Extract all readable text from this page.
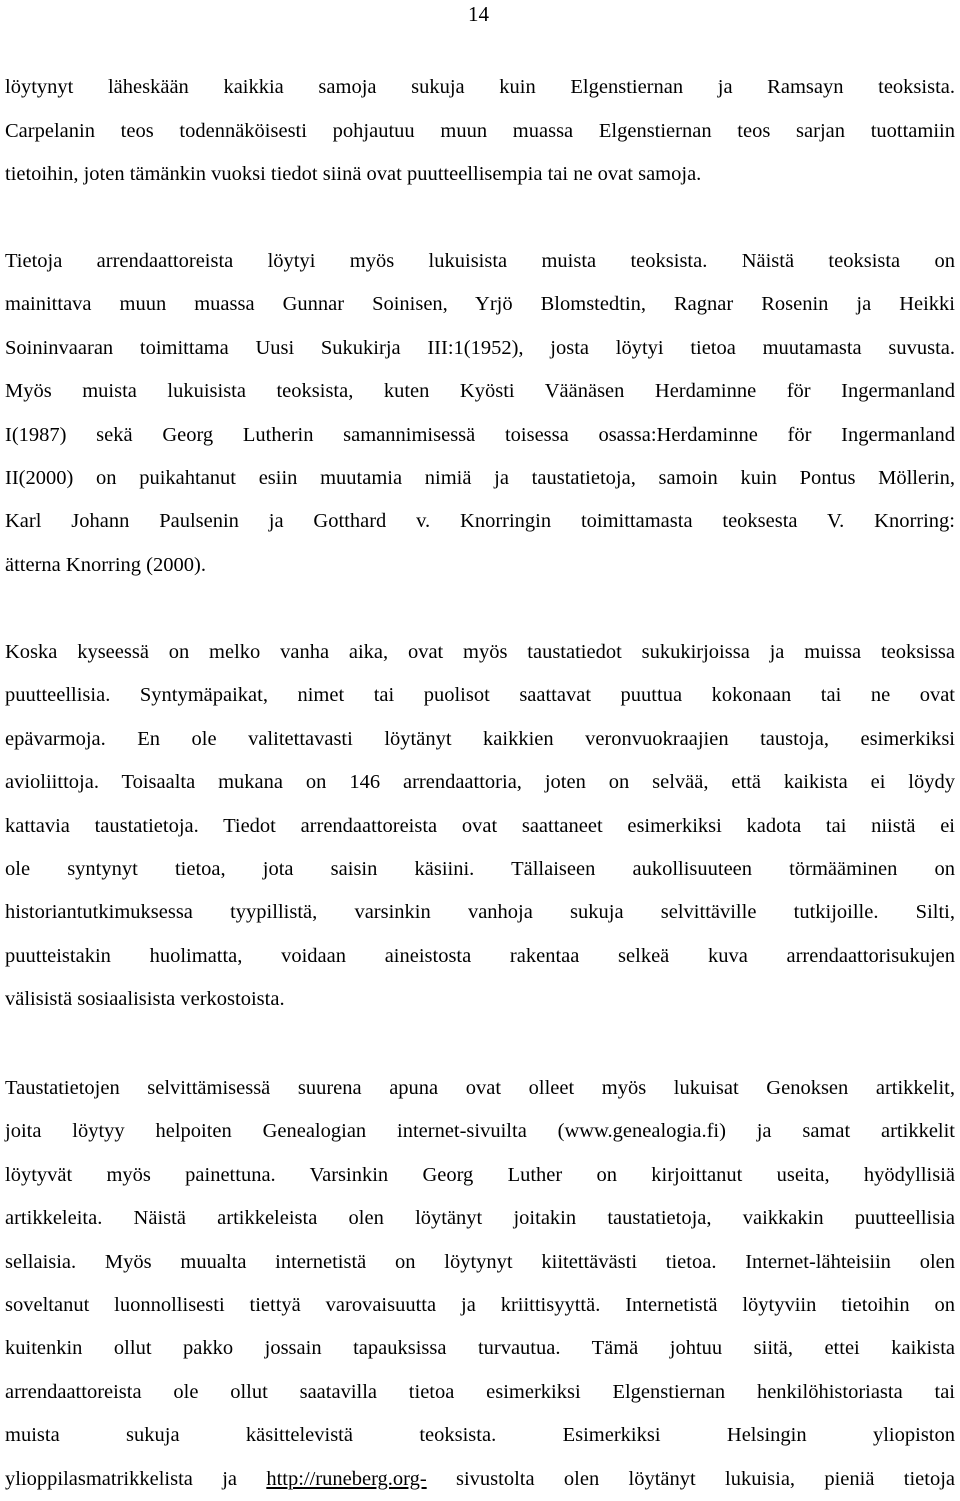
14

löytynyt läheskään kaikkia samoja sukuja kuin Elgenstiernan ja Ramsayn teoksista.
Carpelanin teos todennäköisesti pohjautuu muun muassa Elgenstiernan teos sarjan tuottamiin
tietoihin, joten tämänkin vuoksi tiedot siinä ovat puutteellisempia tai ne ovat samoja.

Tietoja arrendaattoreista löytyi myös lukuisista muista teoksista. Näistä teoksista on
mainittava muun muassa Gunnar Soinisen, Yrjö Blomstedtin, Ragnar Rosenin ja Heikki
Soininvaaran toimittama Uusi Sukukirja III:1(1952), josta löytyi tietoa muutamasta suvusta.
Myös muista lukuisista teoksista, kuten Kyösti Väänäsen Herdaminne för Ingermanland
I(1987) sekä Georg Lutherin samannimisessä toisessa osassa:Herdaminne för Ingermanland
II(2000) on puikahtanut esiin muutamia nimiä ja taustatietoja, samoin kuin Pontus Möllerin,
Karl Johann Paulsenin ja Gotthard v. Knorringin toimittamasta teoksesta V. Knorring:
ätterna Knorring (2000).

Koska kyseessä on melko vanha aika, ovat myös taustatiedot sukukirjoissa ja muissa teoksissa
puutteellisia. Syntymäpaikat, nimet tai puolisot saattavat puuttua kokonaan tai ne ovat
epävarmoja. En ole valitettavasti löytänyt kaikkien veronvuokraajien taustoja, esimerkiksi
avioliittoja. Toisaalta mukana on 146 arrendaattoria, joten on selvää, että kaikista ei löydy
kattavia taustatietoja. Tiedot arrendaattoreista ovat saattaneet esimerkiksi kadota tai niistä ei
ole syntynyt tietoa, jota saisin käsiini. Tällaiseen aukollisuuteen törmääminen on
historiantutkimuksessa tyypillistä, varsinkin vanhoja sukuja selvittäville tutkijoille. Silti,
puutteistakin huolimatta, voidaan aineistosta rakentaa selkeä kuva arrendaattorisukujen
välisistä sosiaalisista verkostoista.

Taustatietojen selvittämisessä suurena apuna ovat olleet myös lukuisat Genoksen artikkelit,
joita löytyy helpoiten Genealogian internet-sivuilta (www.genealogia.fi) ja samat artikkelit
löytyvät myös painettuna. Varsinkin Georg Luther on kirjoittanut useita, hyödyllisiä
artikkeleita. Näistä artikkeleista olen löytänyt joitakin taustatietoja, vaikkakin puutteellisia
sellaisia. Myös muualta internetistä on löytynyt kiitettävästi tietoa. Internet-lähteisiin olen
soveltanut luonnollisesti tiettyä varovaisuutta ja kriittisyyttä. Internetistä löytyviin tietoihin on
kuitenkin ollut pakko jossain tapauksissa turvautua. Tämä johtuu siitä, ettei kaikista
arrendaattoreista ole ollut saatavilla tietoa esimerkiksi Elgenstiernan henkilöhistoriasta tai
muista sukuja käsittelevistä teoksista. Esimerkiksi Helsingin yliopiston
ylioppilasmatrikkelista ja http://runeberg.org- sivustolta olen löytänyt lukuisia, pieniä tietoja
